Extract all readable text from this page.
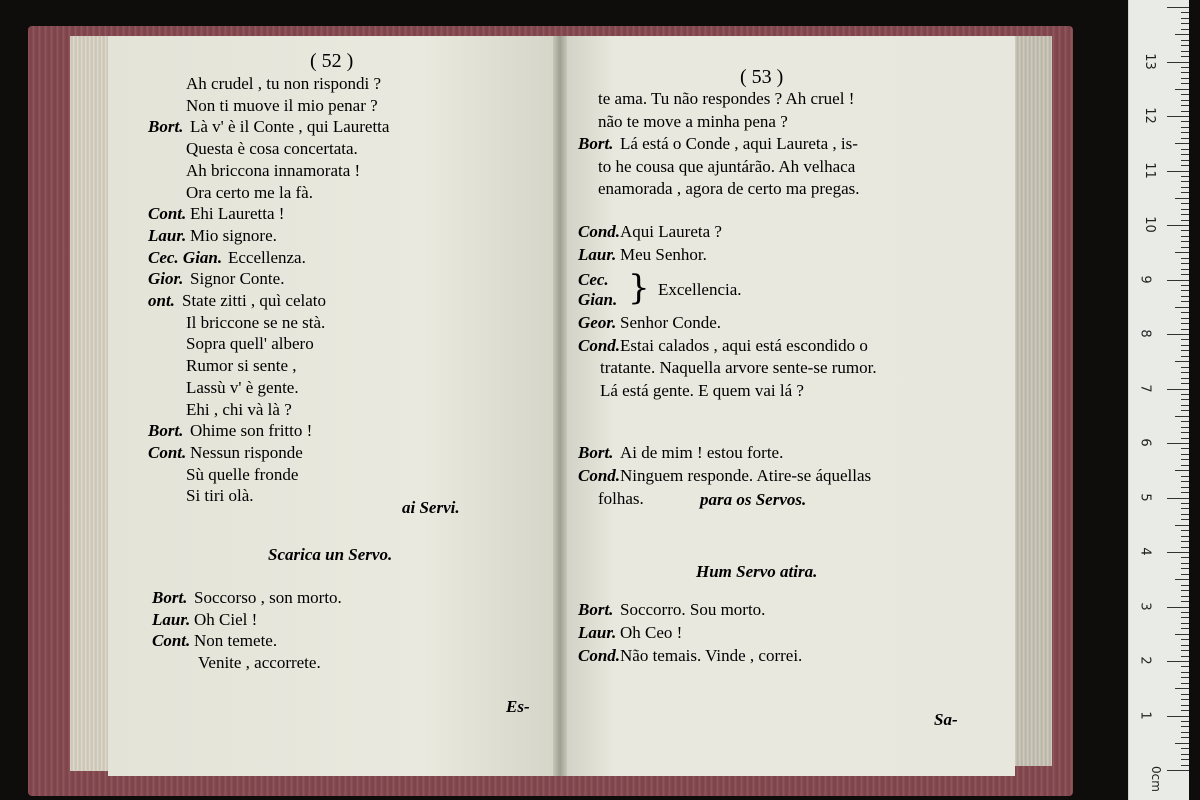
( 52 )
Ah crudel , tu non rispondi ?
Non ti muove il mio penar ?
Bort. Là v' è il Conte , qui Lauretta
Questa è cosa concertata.
Ah briccona innamorata !
Ora certo me la fà.
Cont. Ehi Lauretta !
Laur. Mio signore.
Cec. Gian. Eccellenza.
Gior. Signor Conte.
ont. State zitti , quì celato
Il briccone se ne stà.
Sopra quell' albero
Rumor si sente ,
Lassù v' è gente.
Ehi , chi và là ?
Bort. Ohime son fritto !
Cont. Nessun risponde
Sù quelle fronde
Si tiri olà.
ai Servi.
Scarica un Servo.
Bort. Soccorso , son morto.
Laur. Oh Ciel !
Cont. Non temete.
Venite , accorrete.
Es-
( 53 )
te ama. Tu não respondes ? Ah cruel !
não te move a minha pena ?
Bort. Lá está o Conde , aqui Laureta , is-
to he cousa que ajuntárão. Ah velhaca
enamorada , agora de certo ma pregas.
Cond. Aqui Laureta ?
Laur. Meu Senhor.
Cec.
Gian. } Excellencia.
Geor. Senhor Conde.
Cond. Estai calados , aqui está escondido o
tratante. Naquella arvore sente-se rumor.
Lá está gente. E quem vai lá ?
Bort. Ai de mim ! estou forte.
Cond. Ninguem responde. Atire-se áquellas
folhas.	para os Servos.
Hum Servo atira.
Bort. Soccorro. Sou morto.
Laur. Oh Ceo !
Cond. Não temais. Vinde , correi.
Sa-	1
2
3
4
5
6
7
8
9
10
11
12
13
0cm
